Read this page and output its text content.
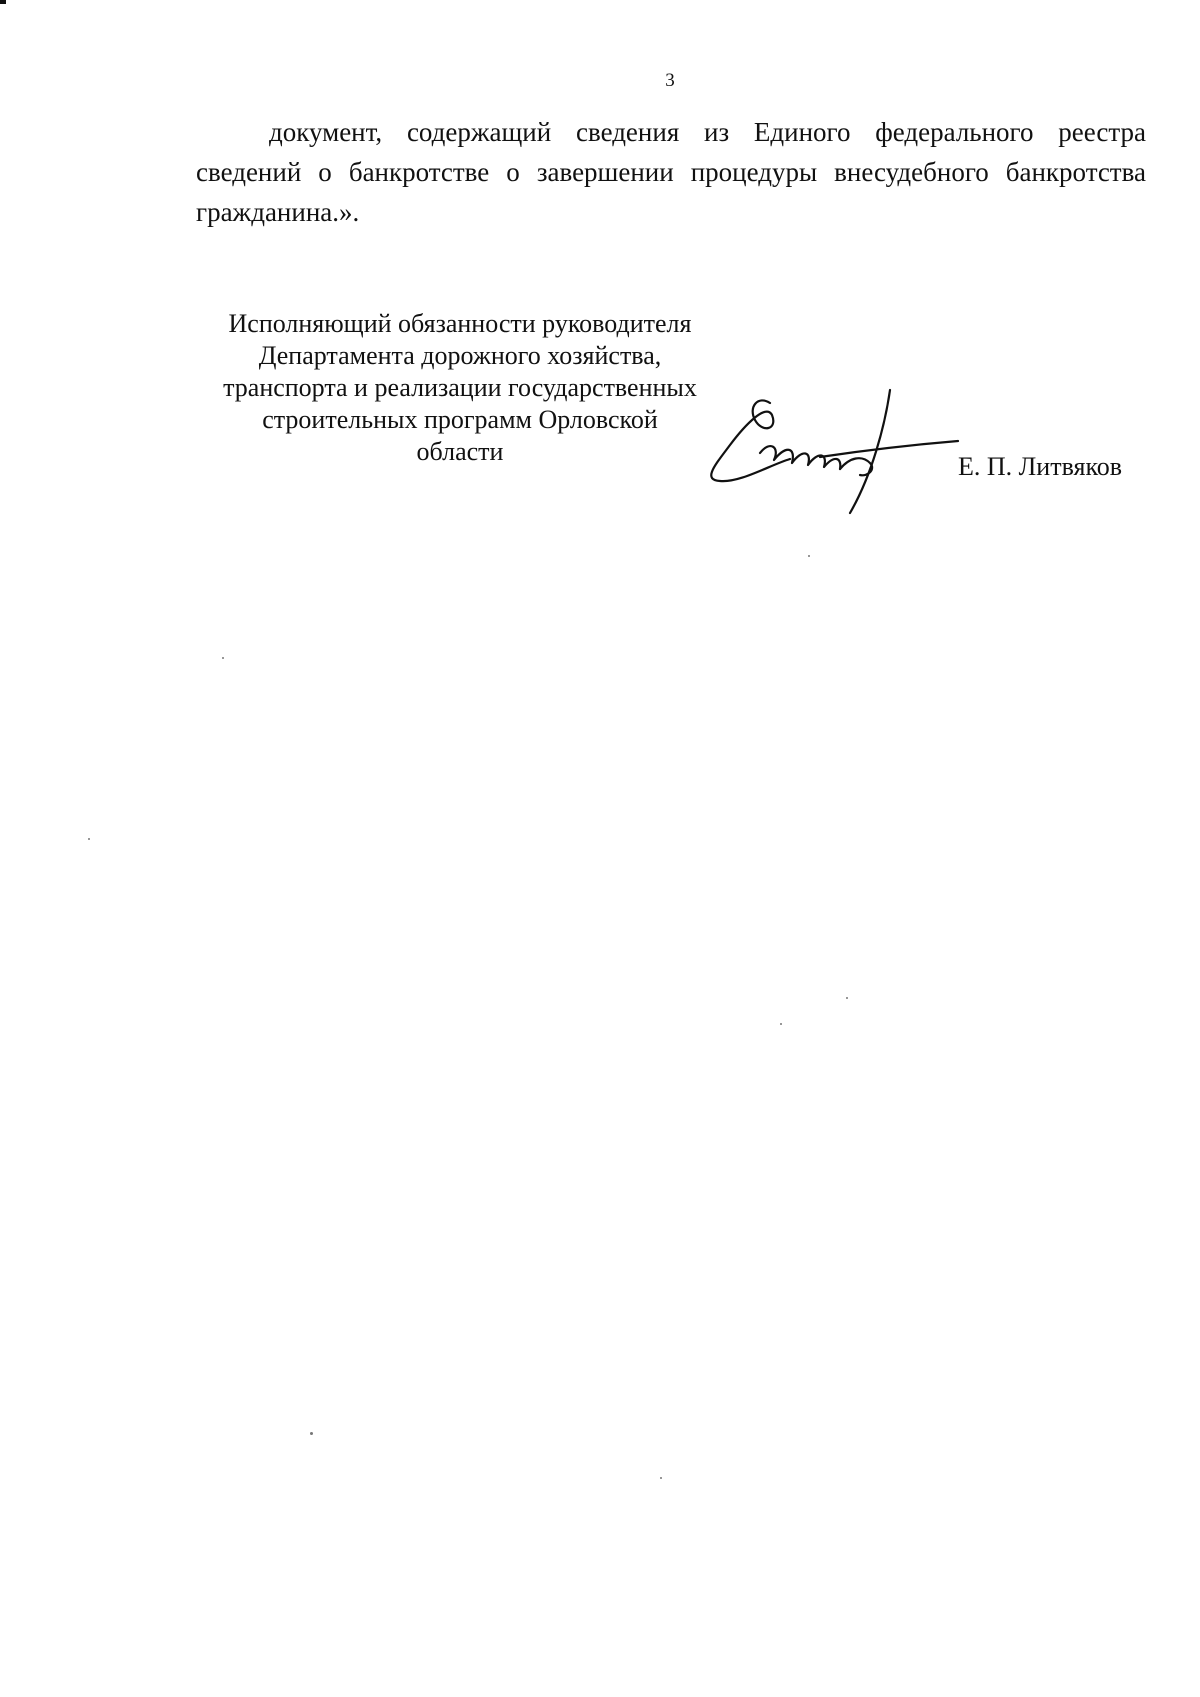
3

документ, содержащий сведения из Единого федерального реестра сведений о банкротстве о завершении процедуры внесудебного банкротства гражданина.».

Исполняющий обязанности руководителя
Департамента дорожного хозяйства,
транспорта и реализации государственных
строительных программ Орловской
области
Е. П. Литвяков
